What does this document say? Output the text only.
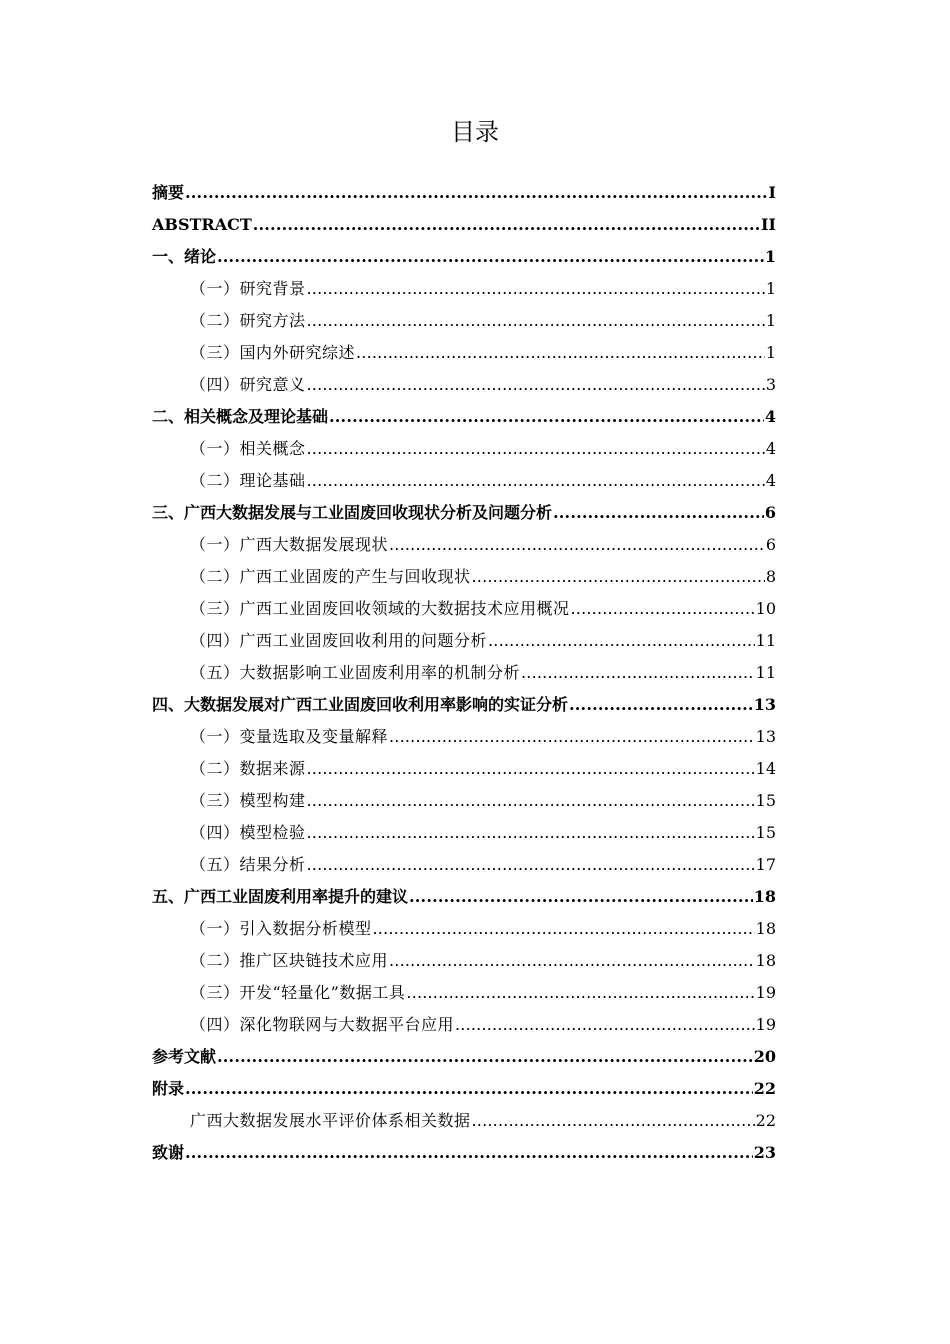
目录
摘要 .....	I
ABSTRACT .....	II
一、绪论 .....	1
（一）研究背景 .....	1
（二）研究方法 .....	1
（三）国内外研究综述 .....	1
（四）研究意义 .....	3
二、相关概念及理论基础 .....	4
（一）相关概念 .....	4
（二）理论基础 .....	4
三、广西大数据发展与工业固废回收现状分析及问题分析 .....	6
（一）广西大数据发展现状 .....	6
（二）广西工业固废的产生与回收现状 .....	8
（三）广西工业固废回收领域的大数据技术应用概况 .....	10
（四）广西工业固废回收利用的问题分析 .....	11
（五）大数据影响工业固废利用率的机制分析 .....	11
四、大数据发展对广西工业固废回收利用率影响的实证分析 .....	13
（一）变量选取及变量解释 .....	13
（二）数据来源 .....	14
（三）模型构建 .....	15
（四）模型检验 .....	15
（五）结果分析 .....	17
五、广西工业固废利用率提升的建议 .....	18
（一）引入数据分析模型 .....	18
（二）推广区块链技术应用 .....	18
（三）开发“轻量化”数据工具 .....	19
（四）深化物联网与大数据平台应用 .....	19
参考文献 .....	20
附录 .....	22
广西大数据发展水平评价体系相关数据 .....	22
致谢 .....	23
